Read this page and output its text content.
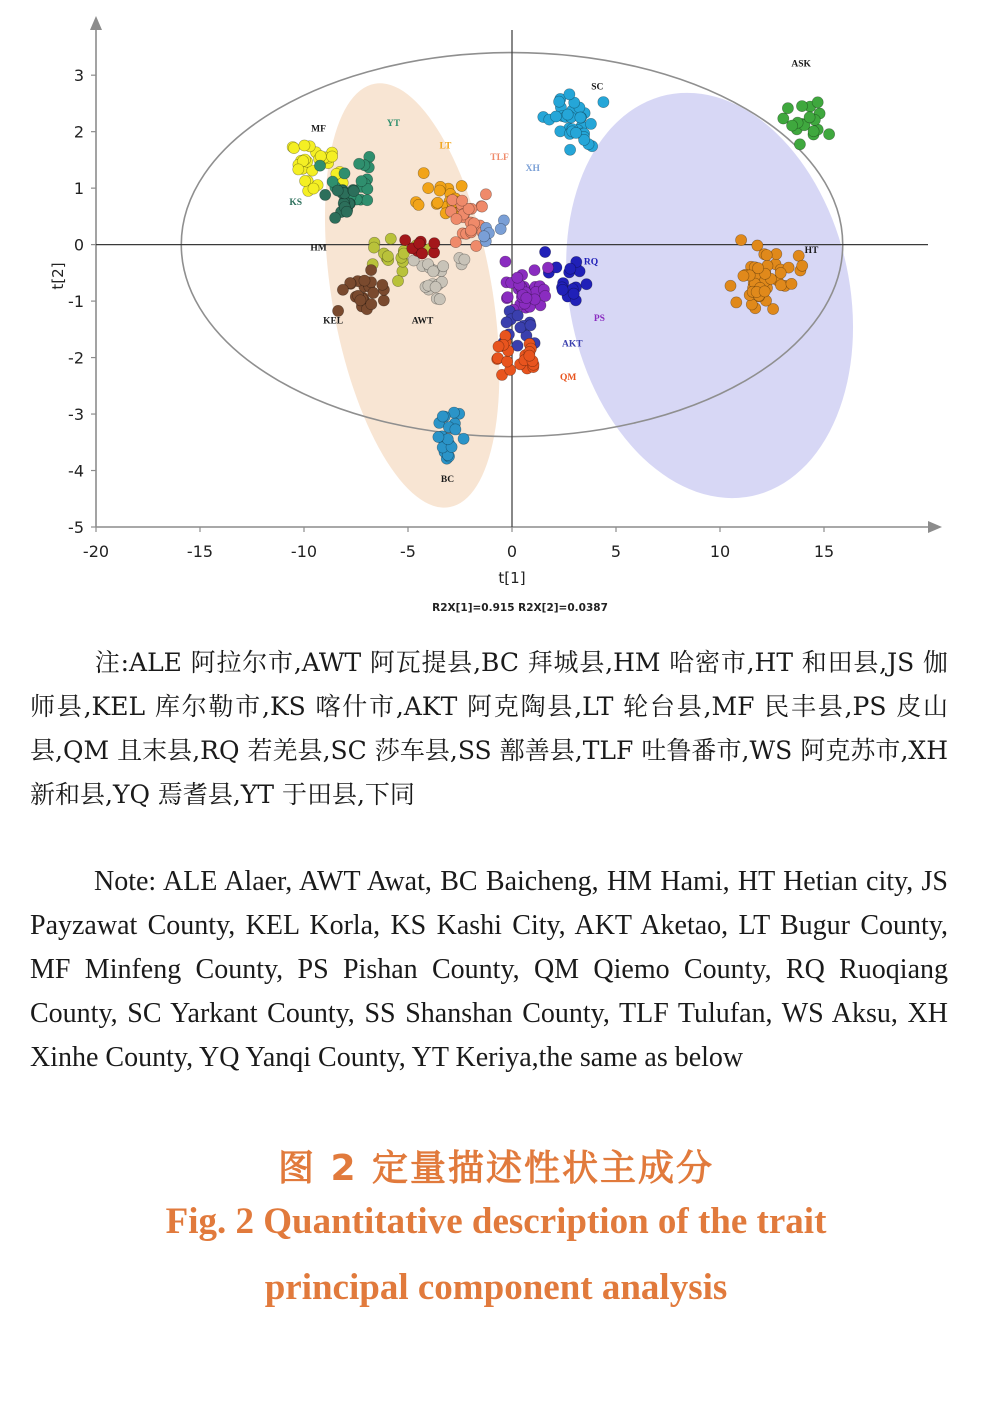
-20	-15	-10	-5	0	5	10	15
3
2
1
0
-1
-2
-3
-4
-5
MF
YT
LT
TLF
XH
SC
ASK
KS
HM	HT
RQ
KEL	AWT	PS
AKT
QM
BC
t[1]
t[2]
R2X[1]=0.915 R2X[2]=0.0387

注:ALE 阿拉尔市,AWT 阿瓦提县,BC 拜城县,HM 哈密市,HT 和田县,JS 伽师县,KEL 库尔勒市,KS 喀什市,AKT 阿克陶县,LT 轮台县,MF 民丰县,PS 皮山县,QM 且末县,RQ 若羌县,SC 莎车县,SS 鄯善县,TLF 吐鲁番市,WS 阿克苏市,XH 新和县,YQ 焉耆县,YT 于田县,下同

Note: ALE Alaer, AWT Awat, BC Baicheng, HM Hami, HT Hetian city, JS Payzawat County, KEL Korla, KS Kashi City, AKT Aketao, LT Bugur County, MF Minfeng County, PS Pishan County, QM Qiemo County, RQ Ruoqiang County, SC Yarkant County, SS Shanshan County, TLF Tulufan, WS Aksu, XH Xinhe County, YQ Yanqi County, YT Keriya,the same as below

图 2 定量描述性状主成分

Fig. 2 Quantitative description of the trait

principal component analysis
